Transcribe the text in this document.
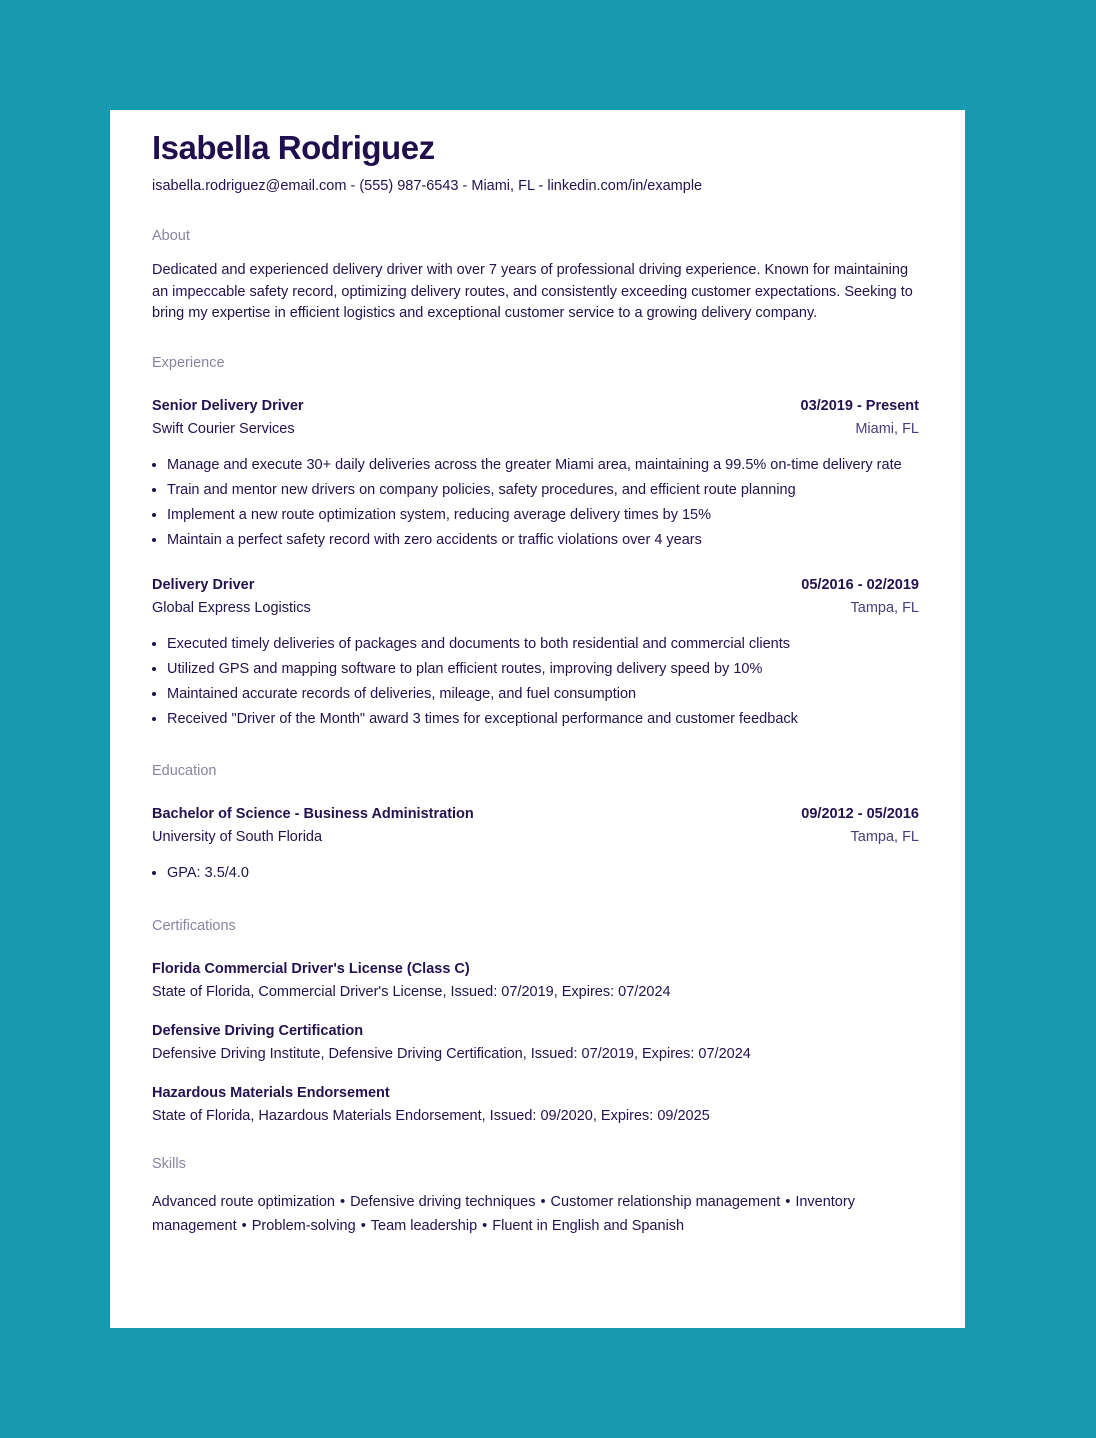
Isabella Rodriguez
isabella.rodriguez@email.com - (555) 987-6543 - Miami, FL - linkedin.com/in/example
About
Dedicated and experienced delivery driver with over 7 years of professional driving experience. Known for maintaining an impeccable safety record, optimizing delivery routes, and consistently exceeding customer expectations. Seeking to bring my expertise in efficient logistics and exceptional customer service to a growing delivery company.
Experience
Senior Delivery Driver	03/2019 - Present
Swift Courier Services	Miami, FL
• Manage and execute 30+ daily deliveries across the greater Miami area, maintaining a 99.5% on-time delivery rate
• Train and mentor new drivers on company policies, safety procedures, and efficient route planning
• Implement a new route optimization system, reducing average delivery times by 15%
• Maintain a perfect safety record with zero accidents or traffic violations over 4 years
Delivery Driver	05/2016 - 02/2019
Global Express Logistics	Tampa, FL
• Executed timely deliveries of packages and documents to both residential and commercial clients
• Utilized GPS and mapping software to plan efficient routes, improving delivery speed by 10%
• Maintained accurate records of deliveries, mileage, and fuel consumption
• Received "Driver of the Month" award 3 times for exceptional performance and customer feedback
Education
Bachelor of Science - Business Administration	09/2012 - 05/2016
University of South Florida	Tampa, FL
• GPA: 3.5/4.0
Certifications
Florida Commercial Driver's License (Class C)
State of Florida, Commercial Driver's License, Issued: 07/2019, Expires: 07/2024
Defensive Driving Certification
Defensive Driving Institute, Defensive Driving Certification, Issued: 07/2019, Expires: 07/2024
Hazardous Materials Endorsement
State of Florida, Hazardous Materials Endorsement, Issued: 09/2020, Expires: 09/2025
Skills
Advanced route optimization • Defensive driving techniques • Customer relationship management • Inventory management • Problem-solving • Team leadership • Fluent in English and Spanish
